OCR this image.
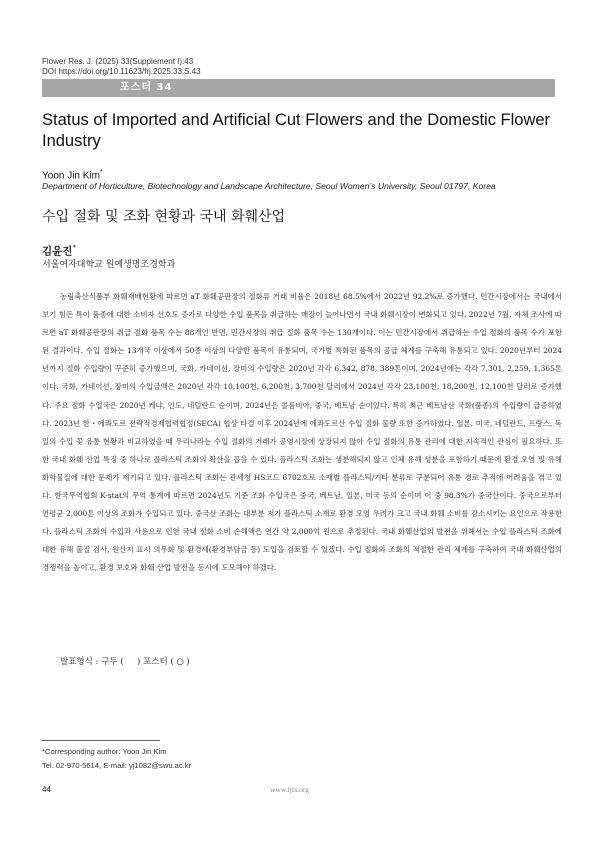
Flower Res. J. (2025) 33(Supplement I):43
DOI https://doi.org/10.11623/frj.2025.33.S.43
포스터 34
Status of Imported and Artificial Cut Flowers and the Domestic Flower Industry
Yoon Jin Kim*
Department of Horticulture, Biotechnology and Landscape Architecture, Seoul Women’s University, Seoul 01797, Korea
수입 절화 및 조화 현황과 국내 화훼산업
김윤진*
서울여자대학교 원예생명조경학과
농림축산식품부 화훼재배현황에 따르면 aT 화훼공판장의 절화류 거래 비율은 2018년 68.5%에서 2022년 92.2%로 증가했다. 민간시장에서는 국내에서 보기 힘든 특이 품종에 대한 소비자 선호도 증가로 다양한 수입 품목을 취급하는 매장이 늘어나면서 국내 화훼시장이 변화되고 있다. 2022년 7월, 자체 조사에 따르면 aT 화훼공판장의 취급 절화 품목 수는 88개인 반면, 민간시장의 취급 절화 품목 수는 130개이다. 이는 민간시장에서 취급하는 수입 절화의 품목 수가 포함된 결과이다. 수입 절화는 13개국 이상에서 50종 이상의 다양한 품목이 유통되며, 국가별 특화된 품목의 공급 체계를 구축해 유통되고 있다. 2020년부터 2024년까지 절화 수입량이 꾸준히 증가했으며, 국화, 카네이션, 장미의 수입량은 2020년 각각 6,342, 878, 389톤이며, 2024년에는 각각 7,301, 2,259, 1,365톤이다. 국화, 카네이션, 장미의 수입금액은 2020년 각각 10,100천, 6,200천, 3,700천 달러에서 2024년 각각 23,100천, 18,200천, 12,100천 달러로 증가했다. 주요 절화 수입국은 2020년 케냐, 인도, 네덜란드 순이며, 2024년은 콜롬비아, 중국, 베트남 순이었다. 특히 최근 베트남산 국화(품종)의 수입량이 급증하였다. 2023년 한・에콰도르 전략적경제협력협정(SECA) 협상 타결 이후 2024년에 에콰도르산 수입 절화 물량 또한 증가하였다. 일본, 미국, 네덜란드, 프랑스, 독일의 수입 꽃 유통 현황과 비교하였을 때 우리나라는 수입 절화의 거래가 공영시장에 상장되지 않아 수입 절화의 유통 관리에 대한 지속적인 관심이 필요하다. 또한 국내 화훼 산업 특징 중 하나로 플라스틱 조화의 확산을 꼽을 수 있다. 플라스틱 조화는 생분해되지 않고 인체 유해 성분을 포함하기 때문에 환경 오염 및 유해 화학물질에 대한 문제가 제기되고 있다. 플라스틱 조화는 관세청 HS코드 6702호로 소재별 플라스틱/기타 분류로 구분되어 유통 경로 추적에 어려움을 겪고 있다. 한국무역협회 K-stat의 무역 통계에 따르면 2024년도 기준 조화 수입국은 중국, 베트남, 일본, 미국 등의 순이며 이 중 98.3%가 중국산이다. 중국으로부터 연평균 2,000톤 이상의 조화가 수입되고 있다. 중국산 조화는 대부분 저가 플라스틱 소재로 환경 오염 우려가 크고 국내 화훼 소비를 감소시키는 요인으로 작용한다. 플라스틱 조화의 수입과 사용으로 인한 국내 절화 소비 손해액은 연간 약 2,000억 원으로 추정된다. 국내 화훼산업의 발전을 위해서는 수입 플라스틱 조화에 대한 유해 물질 검사, 원산지 표시 의무화 및 환경세(환경부담금 등) 도입을 검토할 수 있겠다. 수입 절화와 조화의 적절한 관리 체계를 구축하여 국내 화훼산업의 경쟁력을 높이고, 환경 보호와 화훼 산업 발전을 동시에 도모해야 하겠다.
발표형식 : 구두 (     ) 포스터 ( ○ )
*Corresponding author: Yoon Jin Kim
Tel. 02-970-5614, E-mail: yj1082@swu.ac.kr
44	www.ijfs.org
